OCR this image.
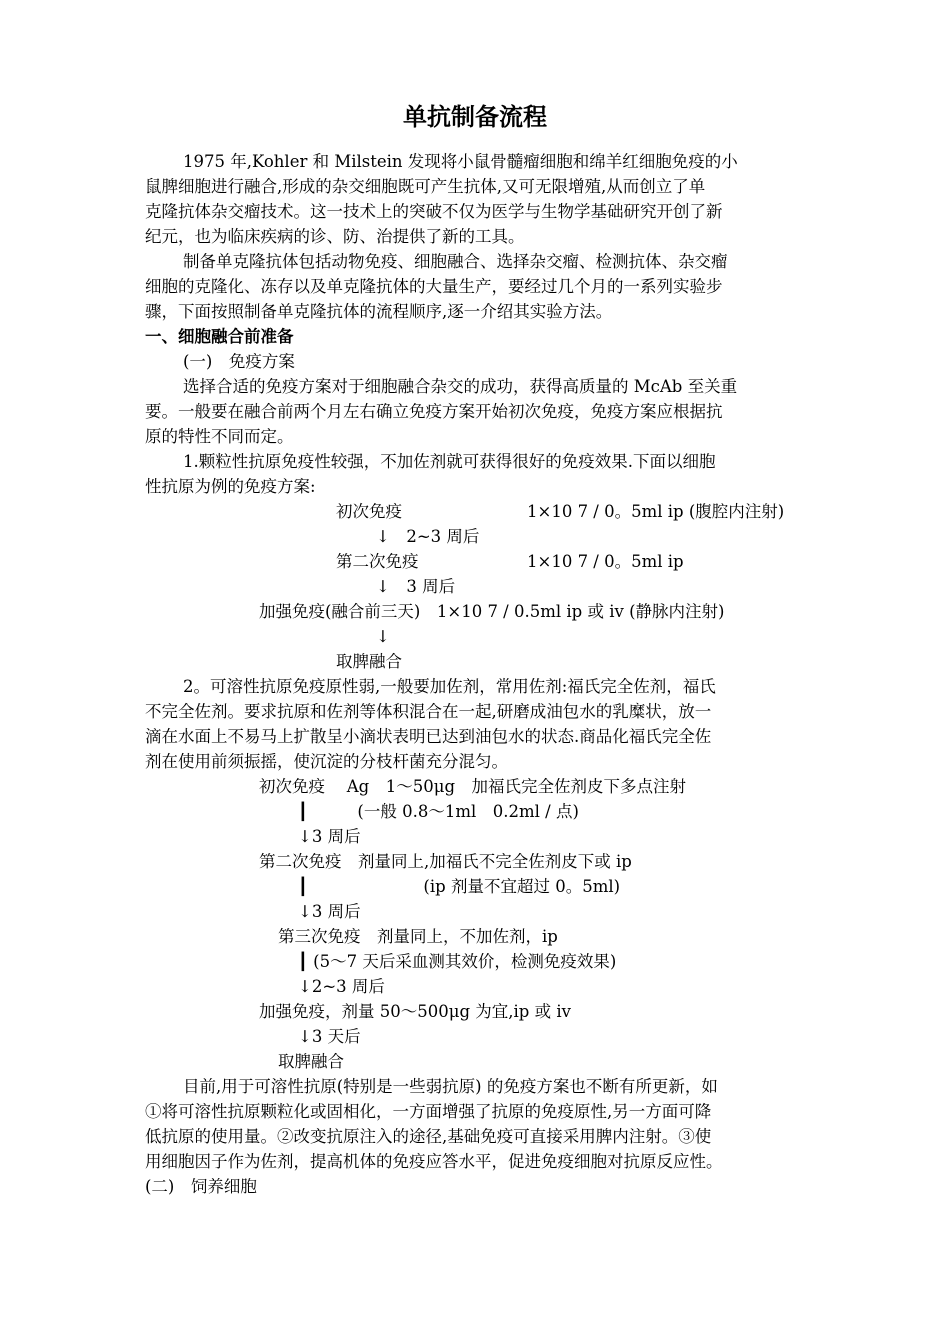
单抗制备流程
1975 年,Kohler 和 Milstein 发现将小鼠骨髓瘤细胞和绵羊红细胞免疫的小
鼠脾细胞进行融合,形成的杂交细胞既可产生抗体,又可无限增殖,从而创立了单
克隆抗体杂交瘤技术。这一技术上的突破不仅为医学与生物学基础研究开创了新
纪元，也为临床疾病的诊、防、治提供了新的工具。
制备单克隆抗体包括动物免疫、细胞融合、选择杂交瘤、检测抗体、杂交瘤
细胞的克隆化、冻存以及单克隆抗体的大量生产，要经过几个月的一系列实验步
骤，下面按照制备单克隆抗体的流程顺序,逐一介绍其实验方法。
一、细胞融合前准备
(一)　免疫方案
选择合适的免疫方案对于细胞融合杂交的成功，获得高质量的 McAb 至关重
要。一般要在融合前两个月左右确立免疫方案开始初次免疫，免疫方案应根据抗
原的特性不同而定。
1.颗粒性抗原免疫性较强，不加佐剂就可获得很好的免疫效果.下面以细胞
性抗原为例的免疫方案:
初次免疫	1×10 7 / 0。5ml ip (腹腔内注射)
↓　2~3 周后
第二次免疫	1×10 7 / 0。5ml ip
↓　3 周后
加强免疫(融合前三天)　1×10 7 / 0.5ml ip 或 iv (静脉内注射)
↓
取脾融合
2。可溶性抗原免疫原性弱,一般要加佐剂，常用佐剂:福氏完全佐剂，福氏
不完全佐剂。要求抗原和佐剂等体积混合在一起,研磨成油包水的乳糜状，放一
滴在水面上不易马上扩散呈小滴状表明已达到油包水的状态.商品化福氏完全佐
剂在使用前须振摇，使沉淀的分枝杆菌充分混匀。
初次免疫　 Ag　1～50μg　加福氏完全佐剂皮下多点注射
┃　　　(一般 0.8～1ml　0.2ml / 点)
↓3 周后
第二次免疫　剂量同上,加福氏不完全佐剂皮下或 ip
┃　　　　　　　(ip 剂量不宜超过 0。5ml)
↓3 周后
第三次免疫　剂量同上，不加佐剂，ip
┃ (5～7 天后采血测其效价，检测免疫效果)
↓2~3 周后
加强免疫，剂量 50～500μg 为宜,ip 或 iv
↓3 天后
取脾融合
目前,用于可溶性抗原(特别是一些弱抗原) 的免疫方案也不断有所更新，如
①将可溶性抗原颗粒化或固相化，一方面增强了抗原的免疫原性,另一方面可降
低抗原的使用量。②改变抗原注入的途径,基础免疫可直接采用脾内注射。③使
用细胞因子作为佐剂，提高机体的免疫应答水平，促进免疫细胞对抗原反应性。
(二)　饲养细胞
